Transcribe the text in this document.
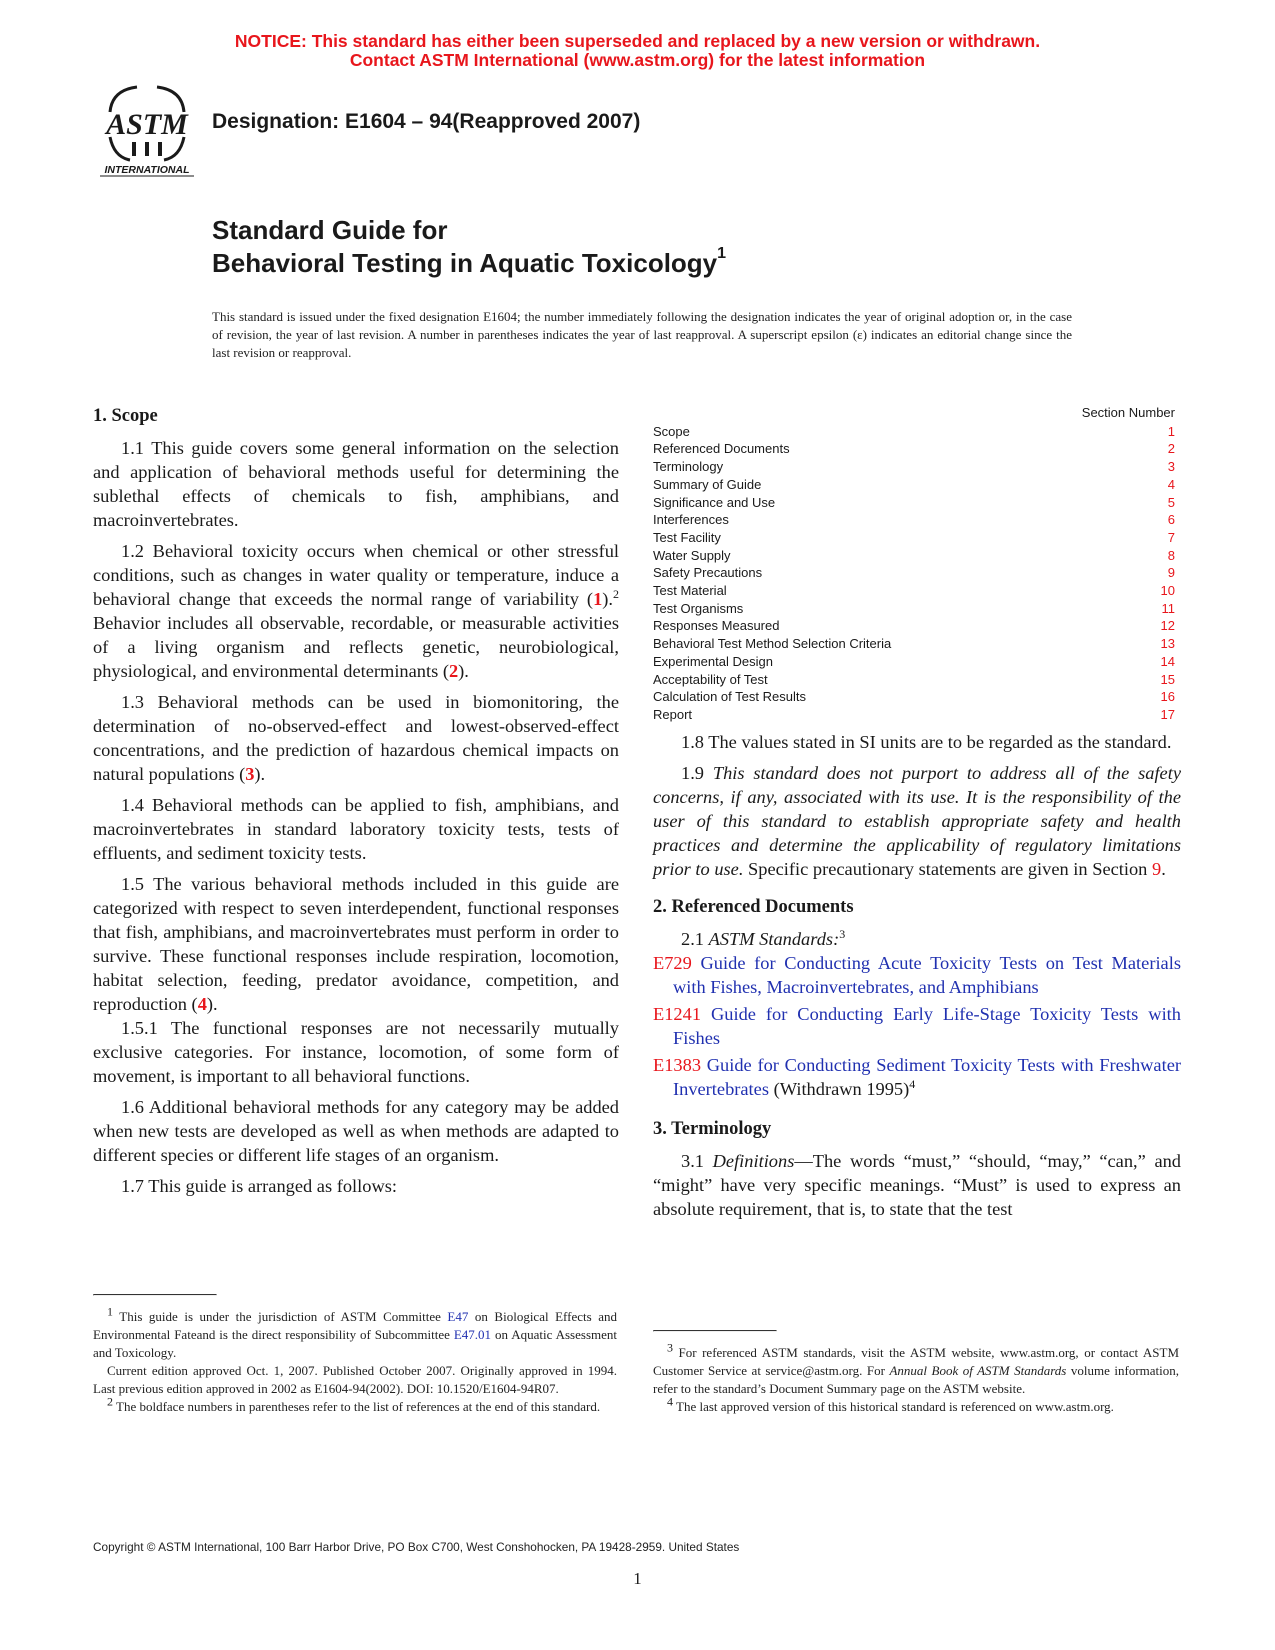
NOTICE: This standard has either been superseded and replaced by a new version or withdrawn.
Contact ASTM International (www.astm.org) for the latest information
ASTM
INTERNATIONAL
Designation: E1604 – 94(Reapproved 2007)
Standard Guide for
Behavioral Testing in Aquatic Toxicology$^1$
This standard is issued under the fixed designation E1604; the number immediately following the designation indicates the year of original adoption or, in the case of revision, the year of last revision. A number in parentheses indicates the year of last reapproval. A superscript epsilon (ε) indicates an editorial change since the last revision or reapproval.
1. Scope

1.1 This guide covers some general information on the selection and application of behavioral methods useful for determining the sublethal effects of chemicals to fish, amphibians, and macroinvertebrates.

1.2 Behavioral toxicity occurs when chemical or other stressful conditions, such as changes in water quality or temperature, induce a behavioral change that exceeds the normal range of variability (1).$^2$ Behavior includes all observable, recordable, or measurable activities of a living organism and reflects genetic, neurobiological, physiological, and environmental determinants (2).

1.3 Behavioral methods can be used in biomonitoring, the determination of no-observed-effect and lowest-observed-effect concentrations, and the prediction of hazardous chemical impacts on natural populations (3).

1.4 Behavioral methods can be applied to fish, amphibians, and macroinvertebrates in standard laboratory toxicity tests, tests of effluents, and sediment toxicity tests.

1.5 The various behavioral methods included in this guide are categorized with respect to seven interdependent, functional responses that fish, amphibians, and macroinvertebrates must perform in order to survive. These functional responses include respiration, locomotion, habitat selection, feeding, predator avoidance, competition, and reproduction (4).

1.5.1 The functional responses are not necessarily mutually exclusive categories. For instance, locomotion, of some form of movement, is important to all behavioral functions.

1.6 Additional behavioral methods for any category may be added when new tests are developed as well as when methods are adapted to different species or different life stages of an organism.

1.7 This guide is arranged as follows:

Section Number
Scope	1
Referenced Documents	2
Terminology	3
Summary of Guide	4
Significance and Use	5
Interferences	6
Test Facility	7
Water Supply	8
Safety Precautions	9
Test Material	10
Test Organisms	11
Responses Measured	12
Behavioral Test Method Selection Criteria	13
Experimental Design	14
Acceptability of Test	15
Calculation of Test Results	16
Report	17

1.8 The values stated in SI units are to be regarded as the standard.

1.9 This standard does not purport to address all of the safety concerns, if any, associated with its use. It is the responsibility of the user of this standard to establish appropriate safety and health practices and determine the applicability of regulatory limitations prior to use. Specific precautionary statements are given in Section 9.

2. Referenced Documents

2.1 ASTM Standards:$^3$

E729 Guide for Conducting Acute Toxicity Tests on Test Materials with Fishes, Macroinvertebrates, and Amphibians

E1241 Guide for Conducting Early Life-Stage Toxicity Tests with Fishes

E1383 Guide for Conducting Sediment Toxicity Tests with Freshwater Invertebrates (Withdrawn 1995)$^4$

3. Terminology

3.1 Definitions—The words “must,” “should, “may,” “can,” and “might” have very specific meanings. “Must” is used to express an absolute requirement, that is, to state that the test

$^1$ This guide is under the jurisdiction of ASTM Committee E47 on Biological Effects and Environmental Fateand is the direct responsibility of Subcommittee E47.01 on Aquatic Assessment and Toxicology.

Current edition approved Oct. 1, 2007. Published October 2007. Originally approved in 1994. Last previous edition approved in 2002 as E1604-94(2002). DOI: 10.1520/E1604-94R07.

$^2$ The boldface numbers in parentheses refer to the list of references at the end of this standard.

$^3$ For referenced ASTM standards, visit the ASTM website, www.astm.org, or contact ASTM Customer Service at service@astm.org. For Annual Book of ASTM Standards volume information, refer to the standard’s Document Summary page on the ASTM website.

$^4$ The last approved version of this historical standard is referenced on www.astm.org.

Copyright © ASTM International, 100 Barr Harbor Drive, PO Box C700, West Conshohocken, PA 19428-2959. United States
1
